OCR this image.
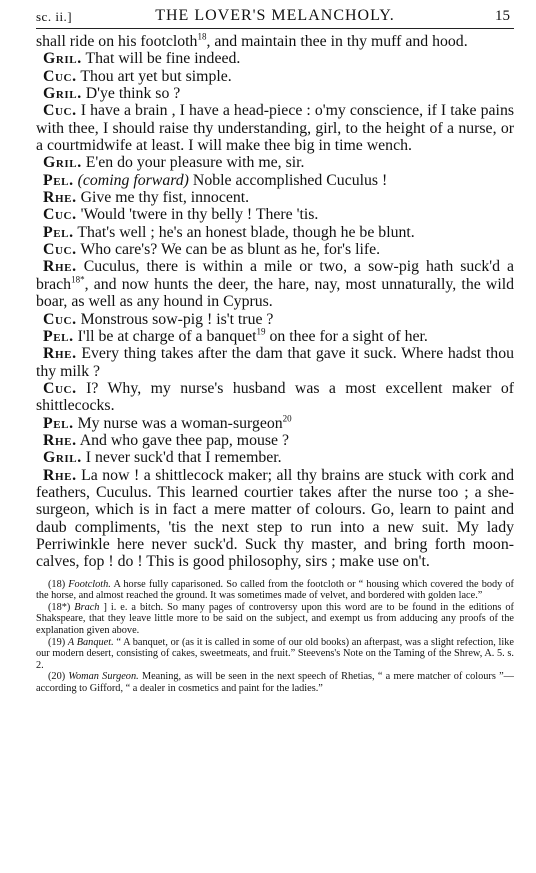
sc. ii.]	THE LOVER'S MELANCHOLY.	15

shall ride on his footcloth$^{18}$, and maintain thee in thy muff and hood.

Gril. That will be fine indeed.

Cuc. Thou art yet but simple.

Gril. D'ye think so ?

Cuc. I have a brain , I have a head-piece : o'my conscience, if I take pains with thee, I should raise thy understanding, girl, to the height of a nurse, or a courtmidwife at least. I will make thee big in time wench.

Gril. E'en do your pleasure with me, sir.

Pel. (coming forward) Noble accomplished Cuculus !

Rhe. Give me thy fist, innocent.

Cuc. 'Would 'twere in thy belly ! There 'tis.

Pel. That's well ; he's an honest blade, though he be blunt.

Cuc. Who care's? We can be as blunt as he, for's life.

Rhe. Cuculus, there is within a mile or two, a sow-pig hath suck'd a brach$^{18*}$, and now hunts the deer, the hare, nay, most unnaturally, the wild boar, as well as any hound in Cyprus.

Cuc. Monstrous sow-pig ! is't true ?

Pel. I'll be at charge of a banquet$^{19}$ on thee for a sight of her.

Rhe. Every thing takes after the dam that gave it suck. Where hadst thou thy milk ?

Cuc. I? Why, my nurse's husband was a most excellent maker of shittlecocks.

Pel. My nurse was a woman-surgeon$^{20}$

Rhe. And who gave thee pap, mouse ?

Gril. I never suck'd that I remember.

Rhe. La now ! a shittlecock maker; all thy brains are stuck with cork and feathers, Cuculus. This learned courtier takes after the nurse too ; a she-surgeon, which is in fact a mere matter of colours. Go, learn to paint and daub compliments, 'tis the next step to run into a new suit. My lady Perriwinkle here never suck'd. Suck thy master, and bring forth moon-calves, fop ! do ! This is good philosophy, sirs ; make use on't.

(18) Footcloth. A horse fully caparisoned. So called from the footcloth or “ housing which covered the body of the horse, and almost reached the ground. It was sometimes made of velvet, and bordered with golden lace.”

(18*) Brach ] i. e. a bitch. So many pages of controversy upon this word are to be found in the editions of Shakspeare, that they leave little more to be said on the subject, and exempt us from adducing any proofs of the explanation given above.

(19) A Banquet. “ A banquet, or (as it is called in some of our old books) an afterpast, was a slight refection, like our modern desert, consisting of cakes, sweetmeats, and fruit.” Steevens's Note on the Taming of the Shrew, A. 5. s. 2.

(20) Woman Surgeon. Meaning, as will be seen in the next speech of Rhetias, “ a mere matcher of colours ”— according to Gifford, “ a dealer in cosmetics and paint for the ladies.”
